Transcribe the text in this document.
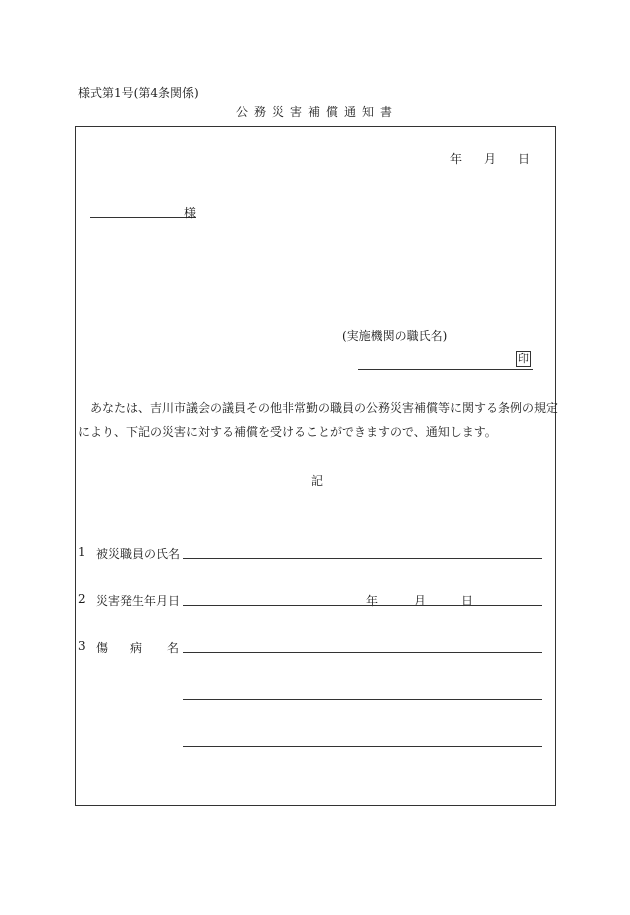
様式第1号(第4条関係)
公務災害補償通知書
年 月 日
様
(実施機関の職氏名)
印
あなたは、吉川市議会の議員その他非常勤の職員の公務災害補償等に関する条例の規定
により、下記の災害に対する補償を受けることができますので、通知します。
記
1 被災職員の氏名
2 災害発生年月日	年	月	日
3 傷 病 名
